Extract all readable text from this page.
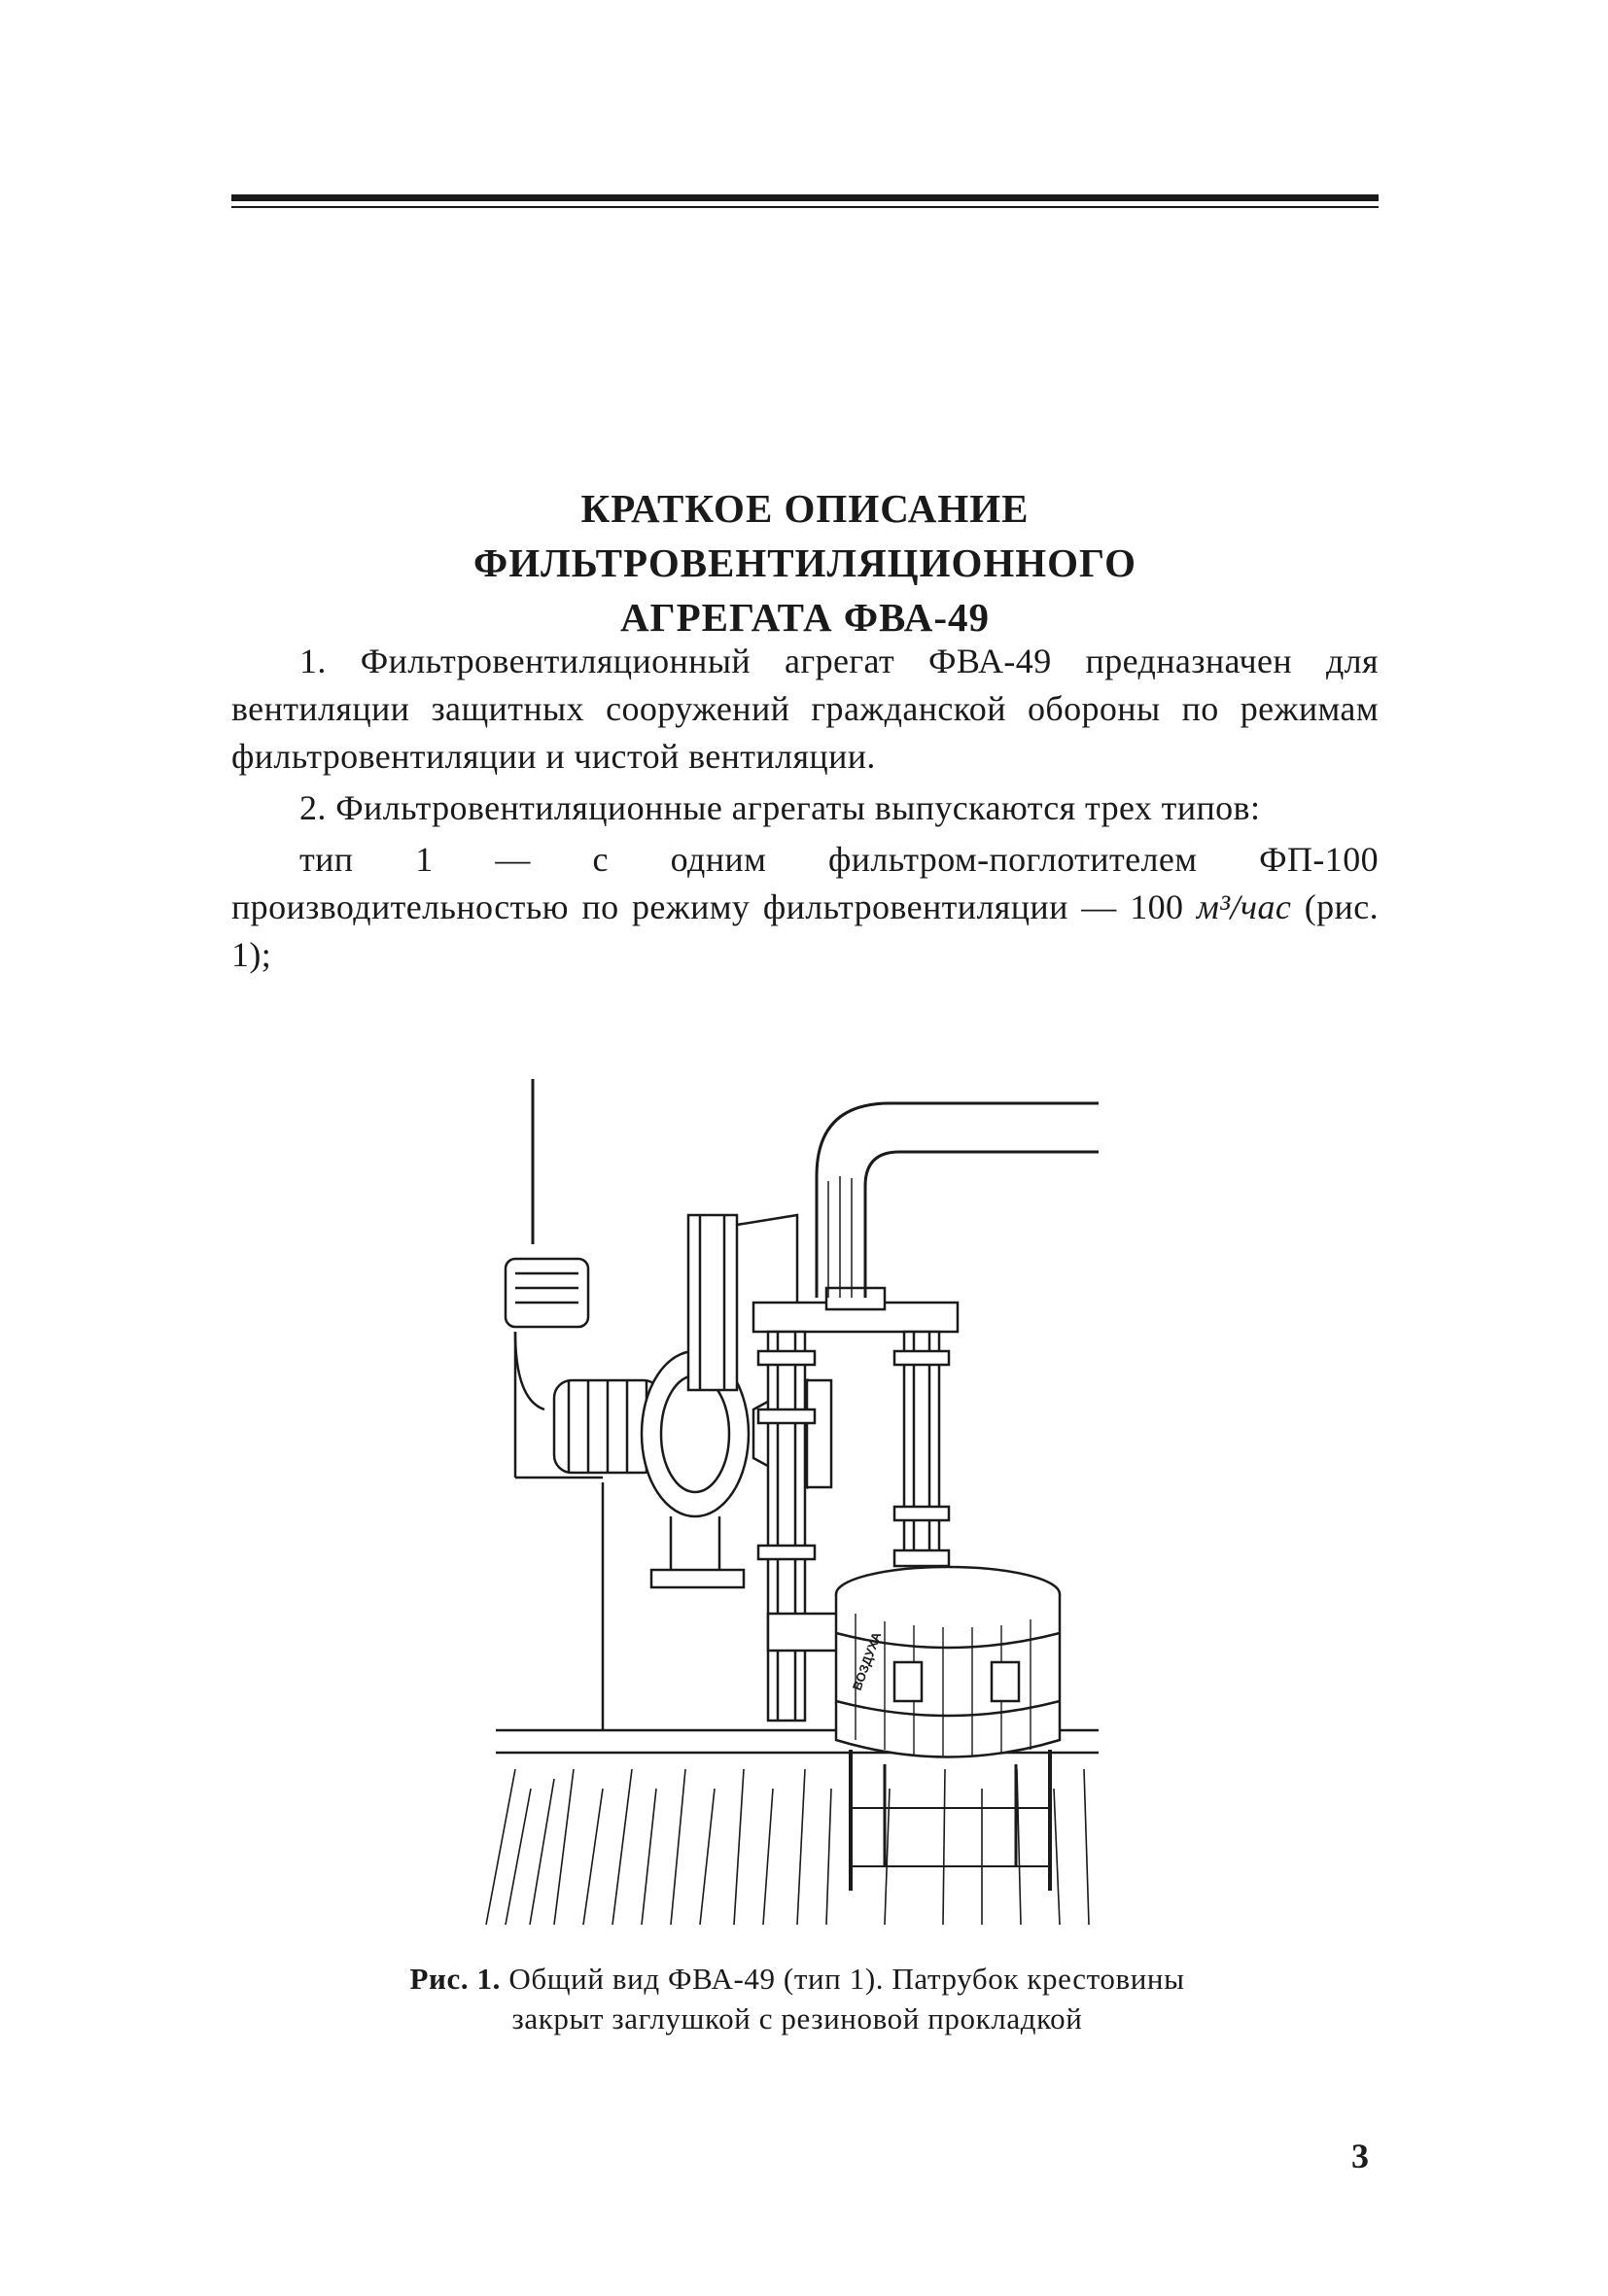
КРАТКОЕ ОПИСАНИЕ
ФИЛЬТРОВЕНТИЛЯЦИОННОГО
АГРЕГАТА ФВА-49

1. Фильтровентиляционный агрегат ФВА-49 предназначен для вентиляции защитных сооружений гражданской обороны по режимам фильтровентиляции и чистой вентиляции.

2. Фильтровентиляционные агрегаты выпускаются трех типов:

тип 1 — с одним фильтром-поглотителем ФП-100 производительностью по режиму фильтровентиляции — 100 м³/час (рис. 1);

ВОЗДУХА
Рис. 1. Общий вид ФВА-49 (тип 1). Патрубок крестовины закрыт заглушкой с резиновой прокладкой
3
